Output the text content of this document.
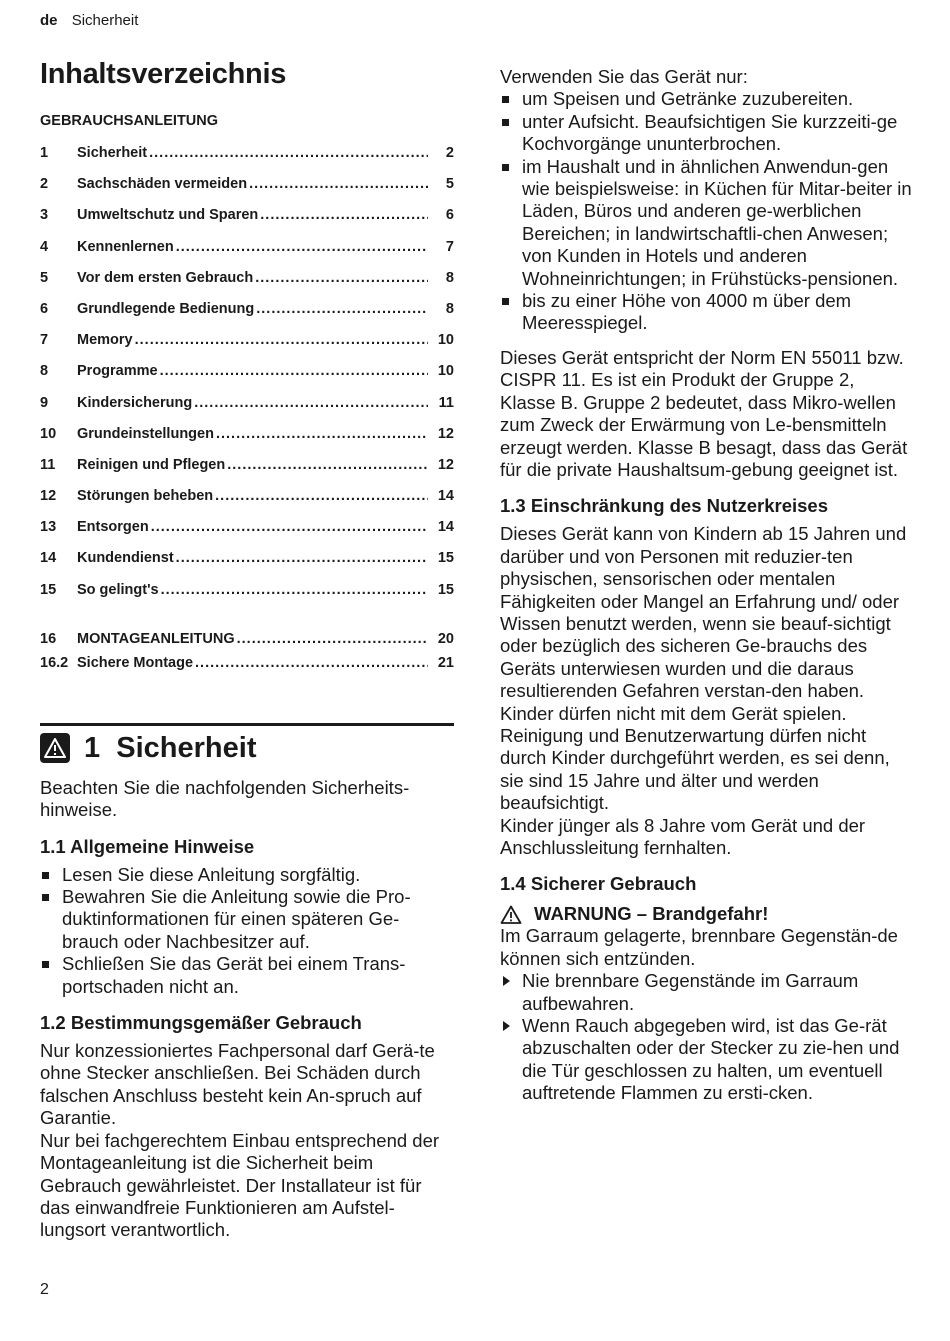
de Sicherheit
Inhaltsverzeichnis
GEBRAUCHSANLEITUNG
1	Sicherheit .....	2
2	Sachschäden vermeiden .....	5
3	Umweltschutz und Sparen .....	6
4	Kennenlernen .....	7
5	Vor dem ersten Gebrauch .....	8
6	Grundlegende Bedienung .....	8
7	Memory .....	10
8	Programme .....	10
9	Kindersicherung .....	11
10	Grundeinstellungen .....	12
11	Reinigen und Pflegen .....	12
12	Störungen beheben .....	14
13	Entsorgen .....	14
14	Kundendienst .....	15
15	So gelingt's .....	15
16	MONTAGEANLEITUNG .....	20
16.2 Sichere Montage .....	21
1 Sicherheit

Beachten Sie die nachfolgenden Sicherheits-hinweise.

1.1 Allgemeine Hinweise
Lesen Sie diese Anleitung sorgfältig.
Bewahren Sie die Anleitung sowie die Pro-duktinformationen für einen späteren Ge-brauch oder Nachbesitzer auf.
Schließen Sie das Gerät bei einem Trans-portschaden nicht an.
1.2 Bestimmungsgemäßer Gebrauch

Nur konzessioniertes Fachpersonal darf Gerä-te ohne Stecker anschließen. Bei Schäden durch falschen Anschluss besteht kein An-spruch auf Garantie.

Nur bei fachgerechtem Einbau entsprechend der Montageanleitung ist die Sicherheit beim Gebrauch gewährleistet. Der Installateur ist für das einwandfreie Funktionieren am Aufstel-lungsort verantwortlich.

Verwenden Sie das Gerät nur:

um Speisen und Getränke zuzubereiten.
unter Aufsicht. Beaufsichtigen Sie kurzzeiti-ge Kochvorgänge ununterbrochen.
im Haushalt und in ähnlichen Anwendun-gen wie beispielsweise: in Küchen für Mitar-beiter in Läden, Büros und anderen ge-werblichen Bereichen; in landwirtschaftli-chen Anwesen; von Kunden in Hotels und anderen Wohneinrichtungen; in Frühstücks-pensionen.
bis zu einer Höhe von 4000 m über dem Meeresspiegel.

Dieses Gerät entspricht der Norm EN 55011 bzw. CISPR 11. Es ist ein Produkt der Gruppe 2, Klasse B. Gruppe 2 bedeutet, dass Mikro-wellen zum Zweck der Erwärmung von Le-bensmitteln erzeugt werden. Klasse B besagt, dass das Gerät für die private Haushaltsum-gebung geeignet ist.

1.3 Einschränkung des Nutzerkreises

Dieses Gerät kann von Kindern ab 15 Jahren und darüber und von Personen mit reduzier-ten physischen, sensorischen oder mentalen Fähigkeiten oder Mangel an Erfahrung und/ oder Wissen benutzt werden, wenn sie beauf-sichtigt oder bezüglich des sicheren Ge-brauchs des Geräts unterwiesen wurden und die daraus resultierenden Gefahren verstan-den haben.

Kinder dürfen nicht mit dem Gerät spielen.

Reinigung und Benutzerwartung dürfen nicht durch Kinder durchgeführt werden, es sei denn, sie sind 15 Jahre und älter und werden beaufsichtigt.

Kinder jünger als 8 Jahre vom Gerät und der Anschlussleitung fernhalten.

1.4 Sicherer Gebrauch
WARNUNG – Brandgefahr!

Im Garraum gelagerte, brennbare Gegenstän-de können sich entzünden.

Nie brennbare Gegenstände im Garraum aufbewahren.
Wenn Rauch abgegeben wird, ist das Ge-rät abzuschalten oder der Stecker zu zie-hen und die Tür geschlossen zu halten, um eventuell auftretende Flammen zu ersti-cken.
2
